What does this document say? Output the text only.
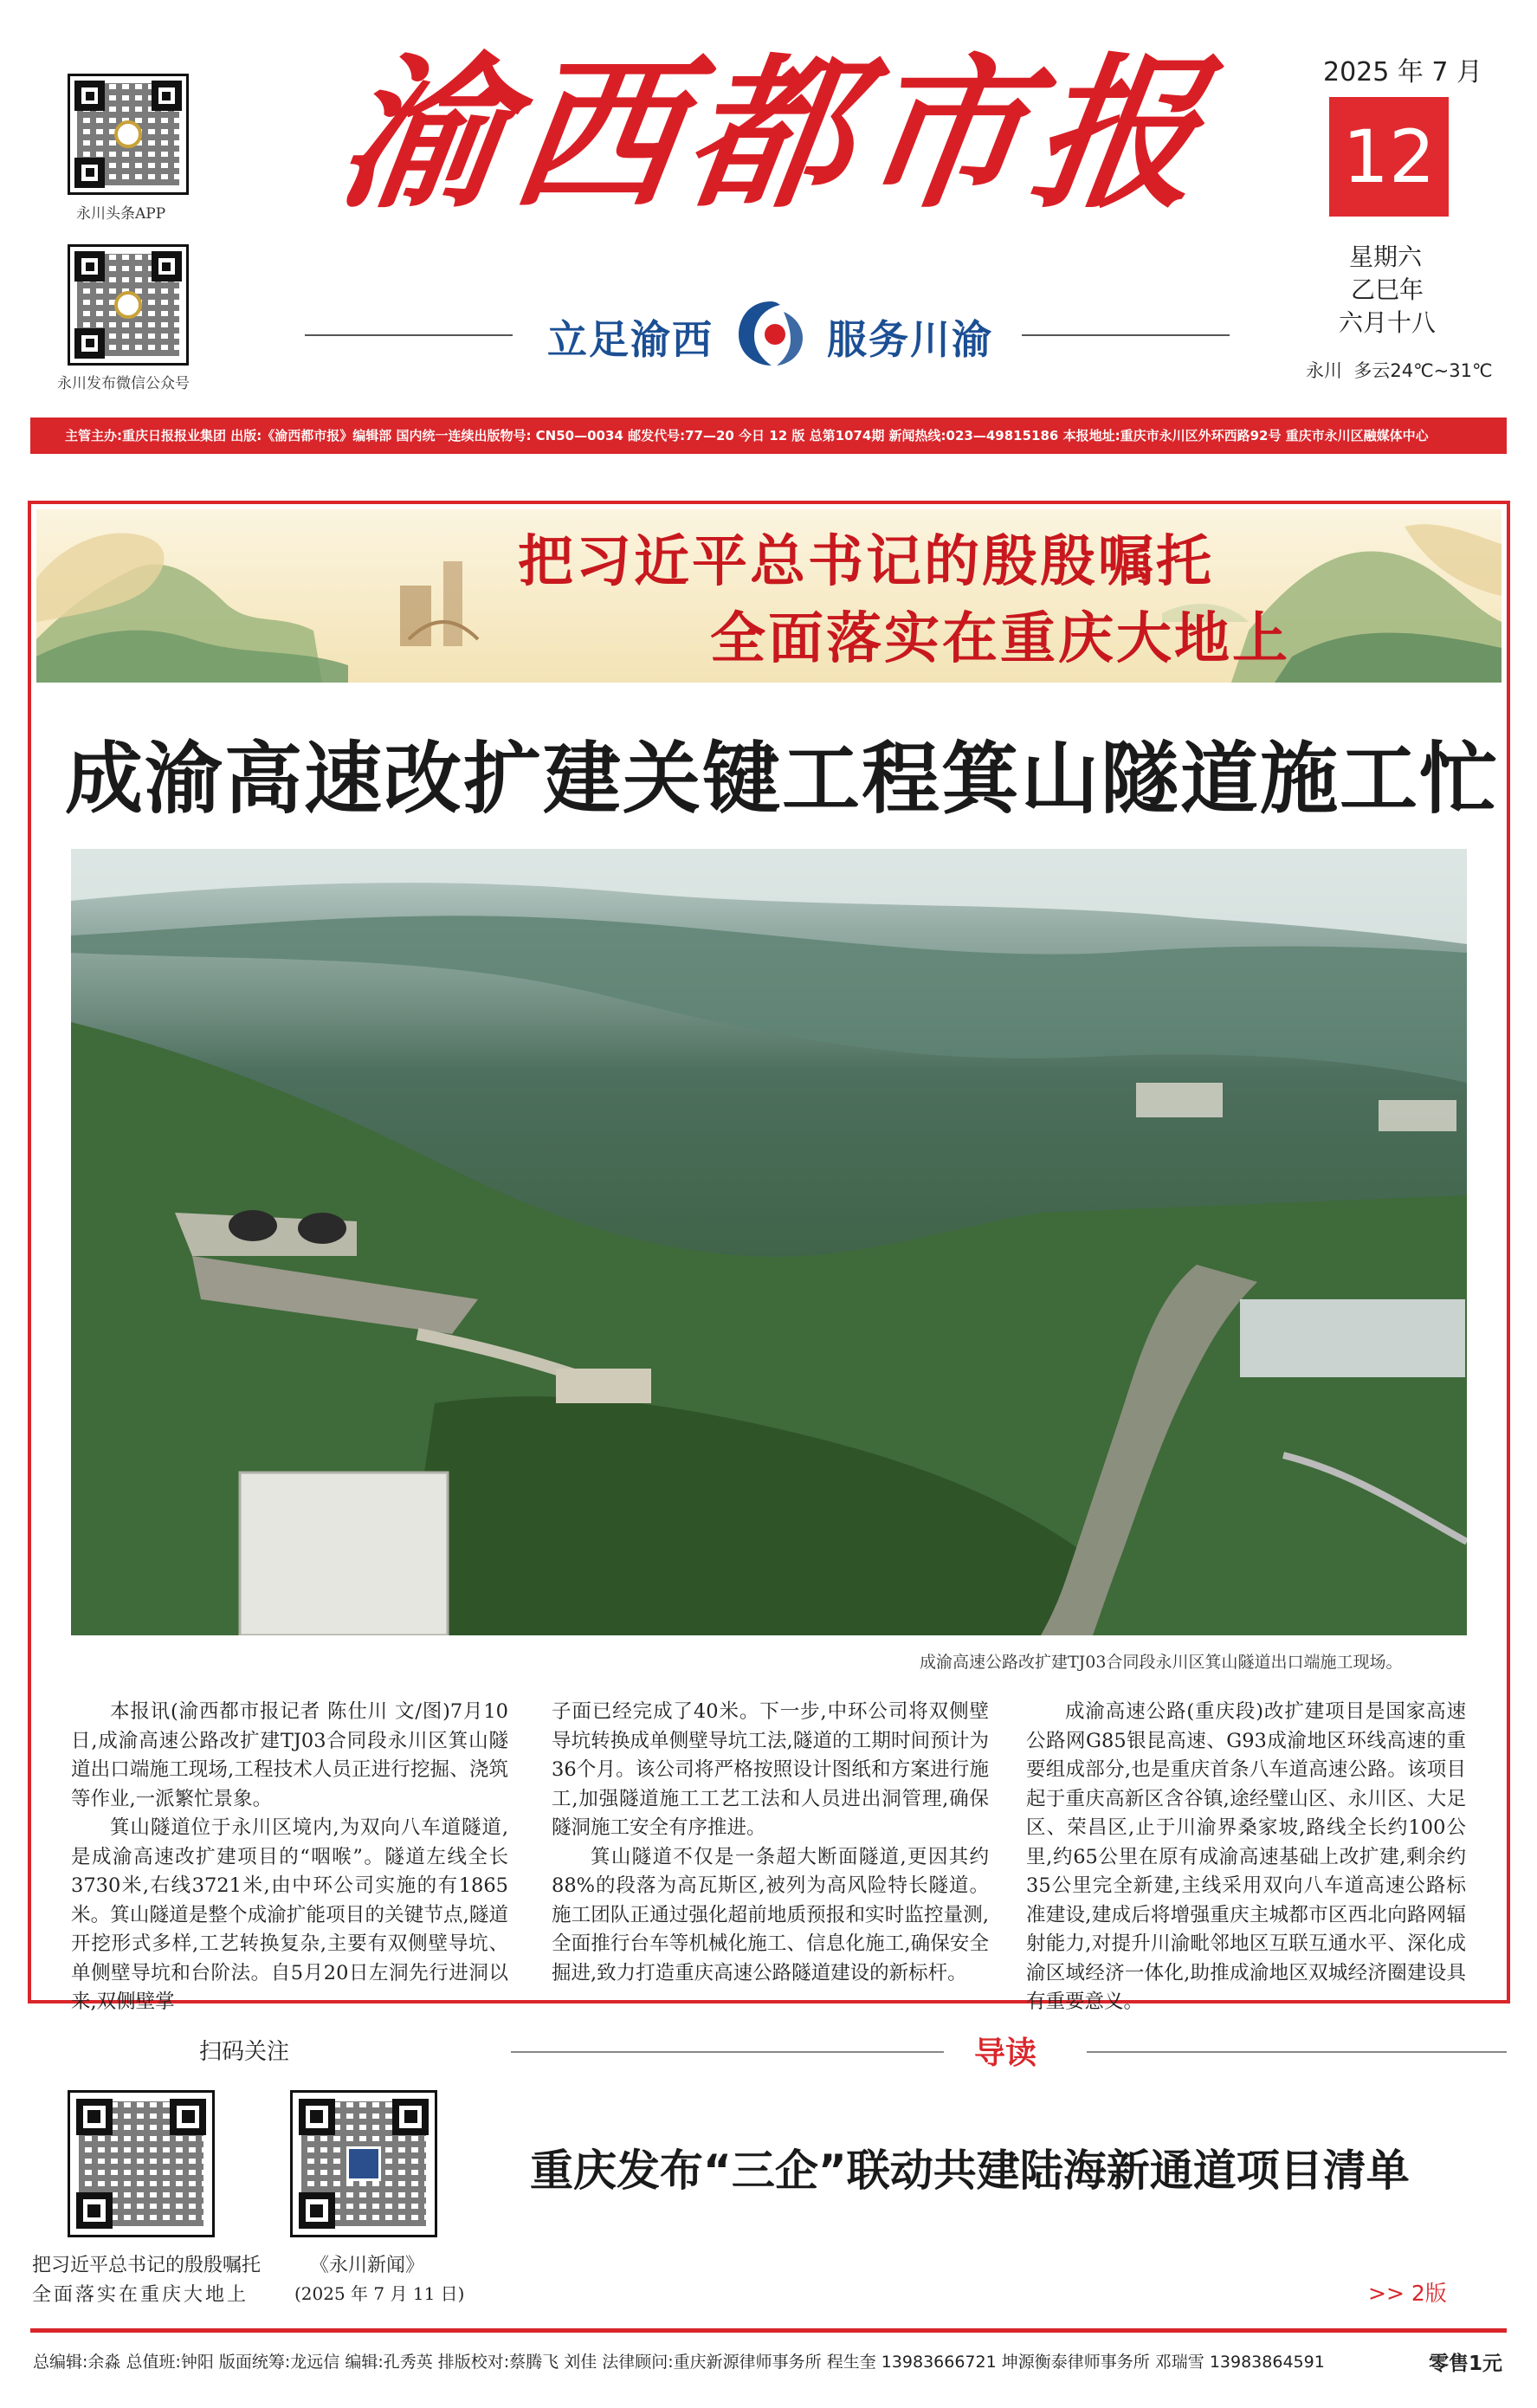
永川头条APP
永川发布微信公众号
渝西都市报
立足渝西	服务川渝
2025 年 7 月
12
星期六
乙巳年
六月十八
永川  多云24℃~31℃
主管主办:重庆日报报业集团 出版:《渝西都市报》编辑部 国内统一连续出版物号: CN50—0034 邮发代号:77—20 今日 12 版 总第1074期 新闻热线:023—49815186 本报地址:重庆市永川区外环西路92号 重庆市永川区融媒体中心
把习近平总书记的殷殷嘱托
全面落实在重庆大地上
成渝高速改扩建关键工程箕山隧道施工忙
成渝高速公路改扩建TJ03合同段永川区箕山隧道出口端施工现场。

本报讯(渝西都市报记者 陈仕川 文/图)7月10日,成渝高速公路改扩建TJ03合同段永川区箕山隧道出口端施工现场,工程技术人员正进行挖掘、浇筑等作业,一派繁忙景象。

箕山隧道位于永川区境内,为双向八车道隧道,是成渝高速改扩建项目的“咽喉”。隧道左线全长3730米,右线3721米,由中环公司实施的有1865米。箕山隧道是整个成渝扩能项目的关键节点,隧道开挖形式多样,工艺转换复杂,主要有双侧壁导坑、单侧壁导坑和台阶法。自5月20日左洞先行进洞以来,双侧壁掌

子面已经完成了40米。下一步,中环公司将双侧壁导坑转换成单侧壁导坑工法,隧道的工期时间预计为36个月。该公司将严格按照设计图纸和方案进行施工,加强隧道施工工艺工法和人员进出洞管理,确保隧洞施工安全有序推进。

箕山隧道不仅是一条超大断面隧道,更因其约88%的段落为高瓦斯区,被列为高风险特长隧道。施工团队正通过强化超前地质预报和实时监控量测,全面推行台车等机械化施工、信息化施工,确保安全掘进,致力打造重庆高速公路隧道建设的新标杆。

成渝高速公路(重庆段)改扩建项目是国家高速公路网G85银昆高速、G93成渝地区环线高速的重要组成部分,也是重庆首条八车道高速公路。该项目起于重庆高新区含谷镇,途经璧山区、永川区、大足区、荣昌区,止于川渝界桑家坡,路线全长约100公里,约65公里在原有成渝高速基础上改扩建,剩余约35公里完全新建,主线采用双向八车道高速公路标准建设,建成后将增强重庆主城都市区西北向路网辐射能力,对提升川渝毗邻地区互联互通水平、深化成渝区域经济一体化,助推成渝地区双城经济圈建设具有重要意义。

扫码关注
把习近平总书记的殷殷嘱托
全面落实在重庆大地上
《永川新闻》
(2025 年 7 月 11 日)
导读
重庆发布“三企”联动共建陆海新通道项目清单
>> 2版
总编辑:余淼 总值班:钟阳 版面统筹:龙远信 编辑:孔秀英 排版校对:蔡腾飞 刘佳 法律顾问:重庆新源律师事务所 程生奎 13983666721 坤源衡泰律师事务所 邓瑞雪 13983864591	零售1元
